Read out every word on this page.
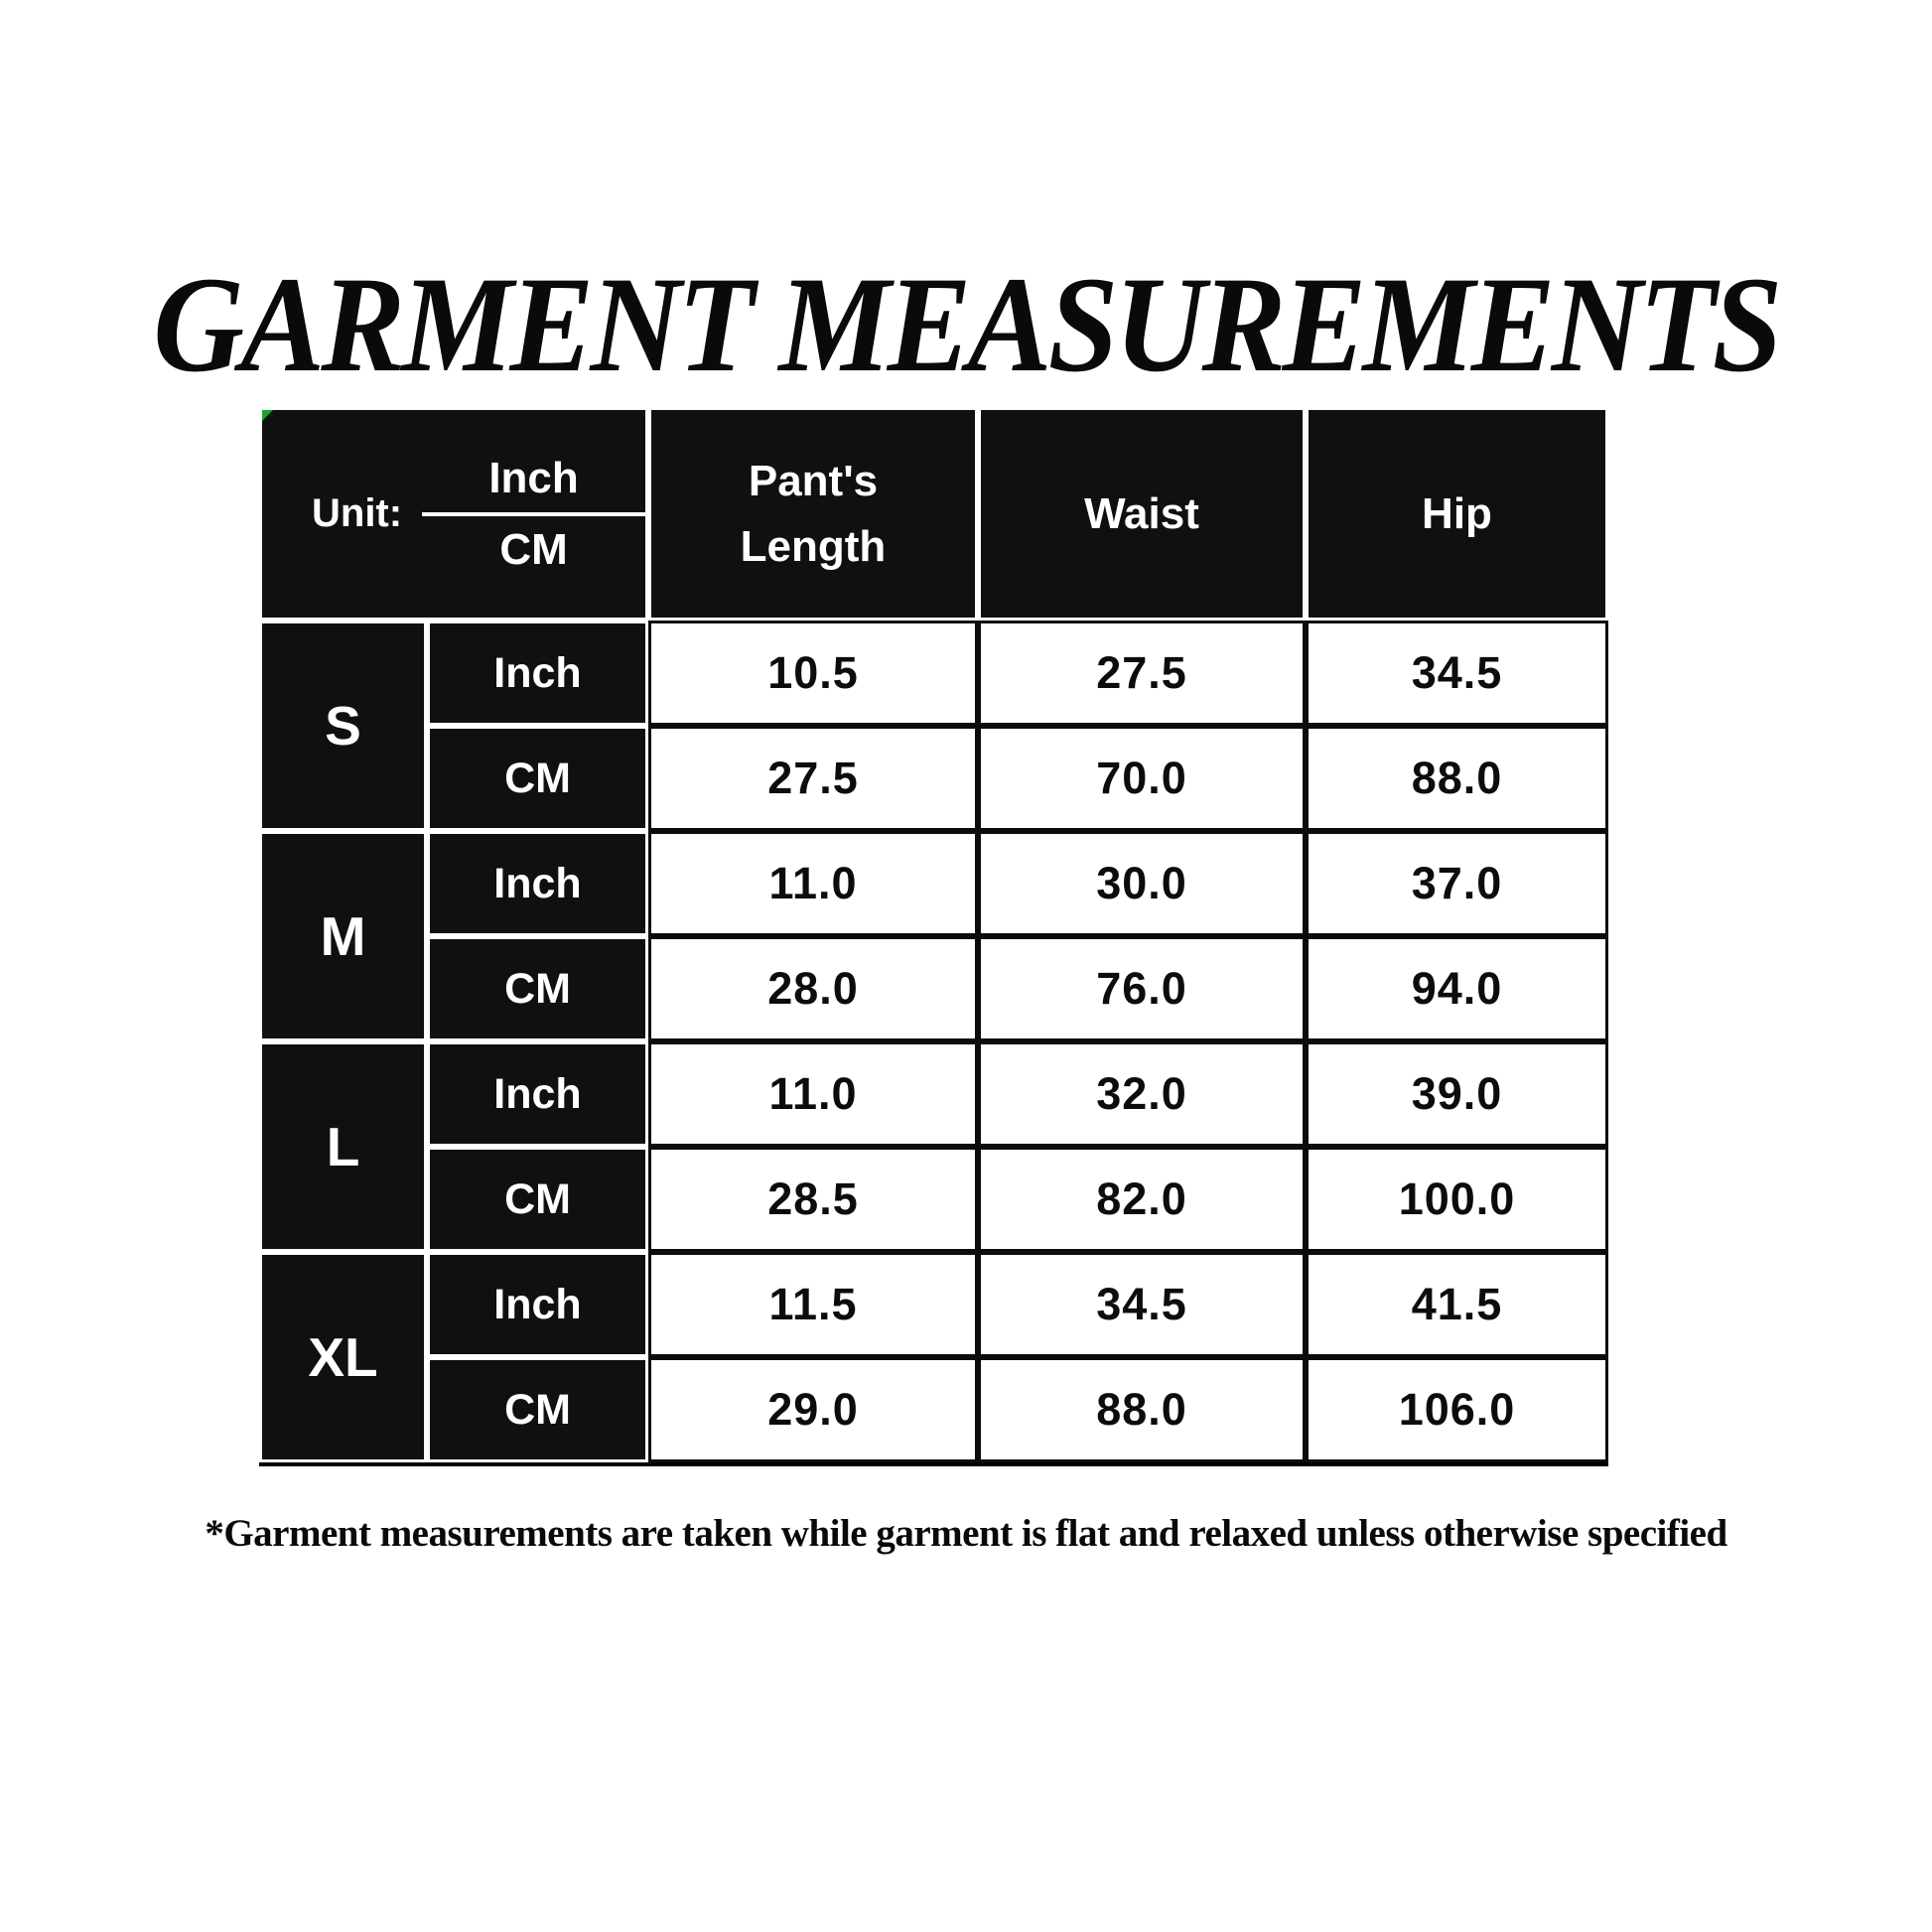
GARMENT MEASUREMENTS
Unit: $\frac{\text{Inch}}{CM}$		Pant's Length	Waist	Hip
S	Inch	10.5	27.5	34.5
	CM	27.5	70.0	88.0
M	Inch	11.0	30.0	37.0
	CM	28.0	76.0	94.0
L	Inch	11.0	32.0	39.0
	CM	28.5	82.0	100.0
XL	Inch	11.5	34.5	41.5
	CM	29.0	88.0	106.0

*Garment measurements are taken while garment is flat and relaxed unless otherwise specified
